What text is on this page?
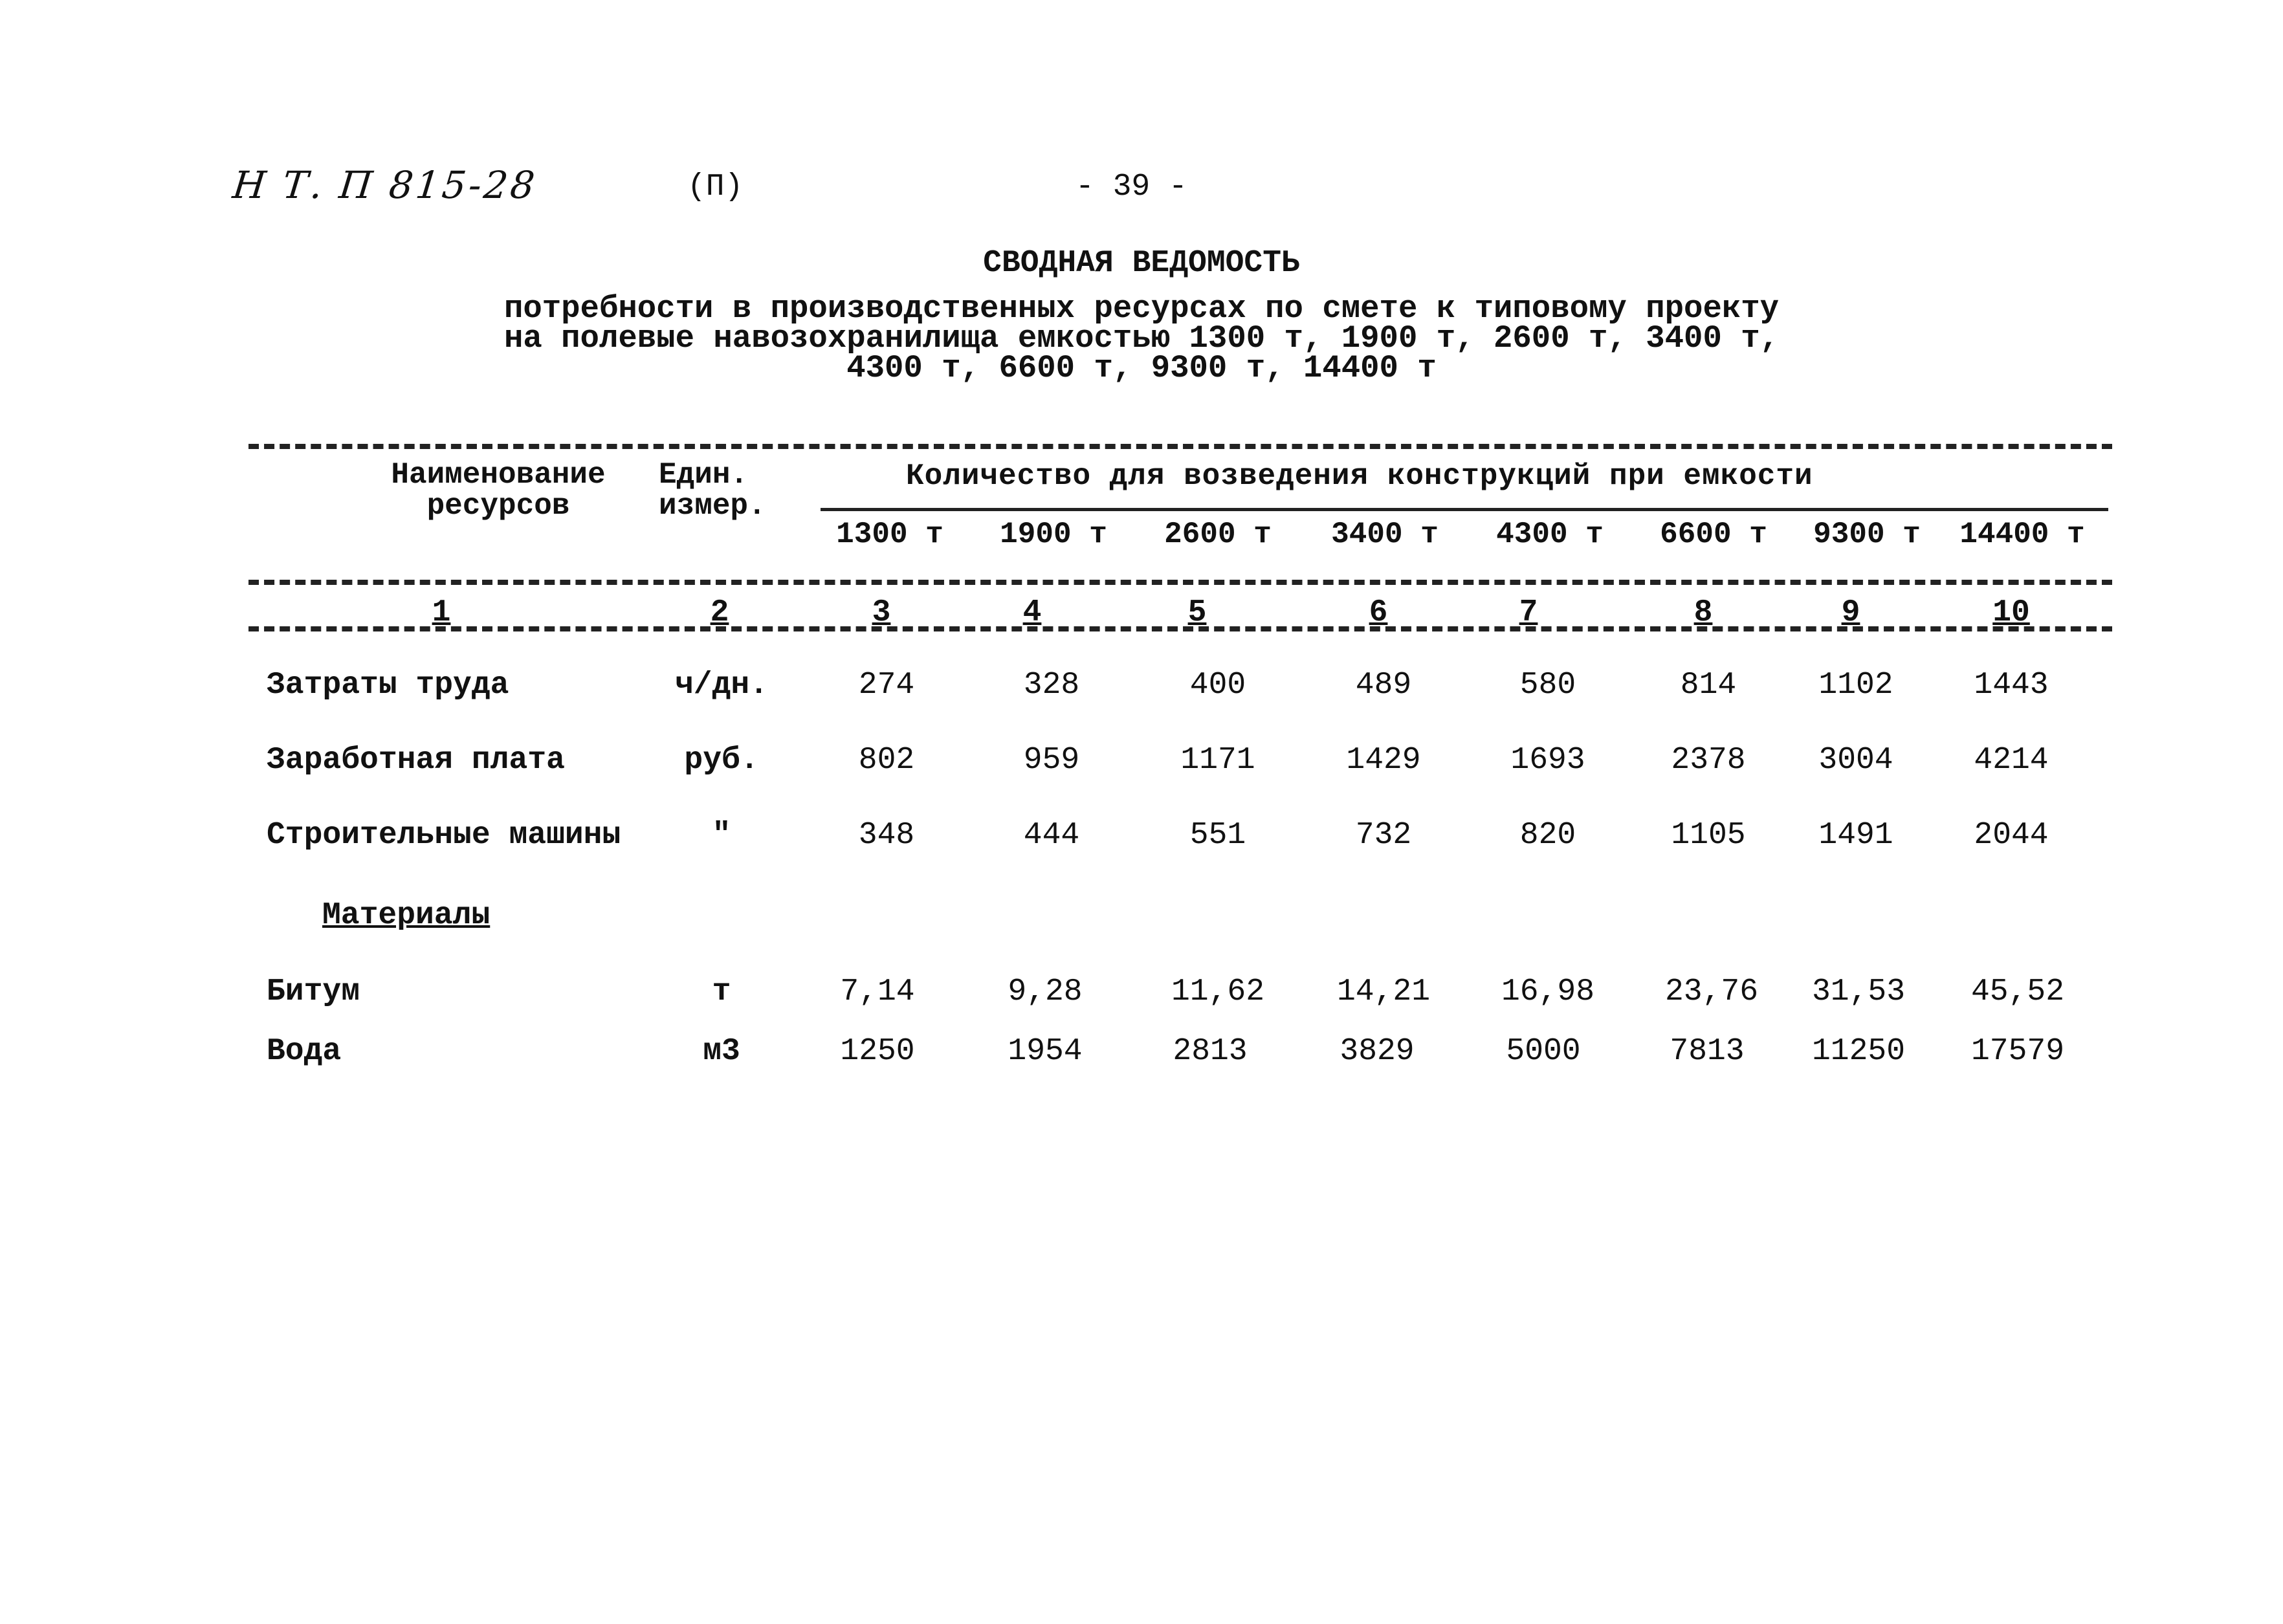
Н Т. П 815-28	(П)	- 39 -
СВОДНАЯ ВЕДОМОСТЬ
потребности в производственных ресурсах по смете к типовому проекту
на полевые навозохранилища емкостью 1300 т, 1900 т, 2600 т, 3400 т,
4300 т, 6600 т, 9300 т, 14400 т
Наименование ресурсов
Един. измер.
Количество для возведения конструкций при емкости
1300 т	1900 т	2600 т	3400 т	4300 т	6600 т	9300 т	14400 т
1	2	3	4	5	6	7	8	9	10
Затраты труда	ч/дн.	274	328	400	489	580	814	1102	1443
Заработная плата	руб.	802	959	1171	1429	1693	2378	3004	4214
Строительные машины	"	348	444	551	732	820	1105	1491	2044
Материалы
Битум	т	7,14	9,28	11,62	14,21	16,98	23,76	31,53	45,52
Вода	м3	1250	1954	2813	3829	5000	7813	11250	17579
